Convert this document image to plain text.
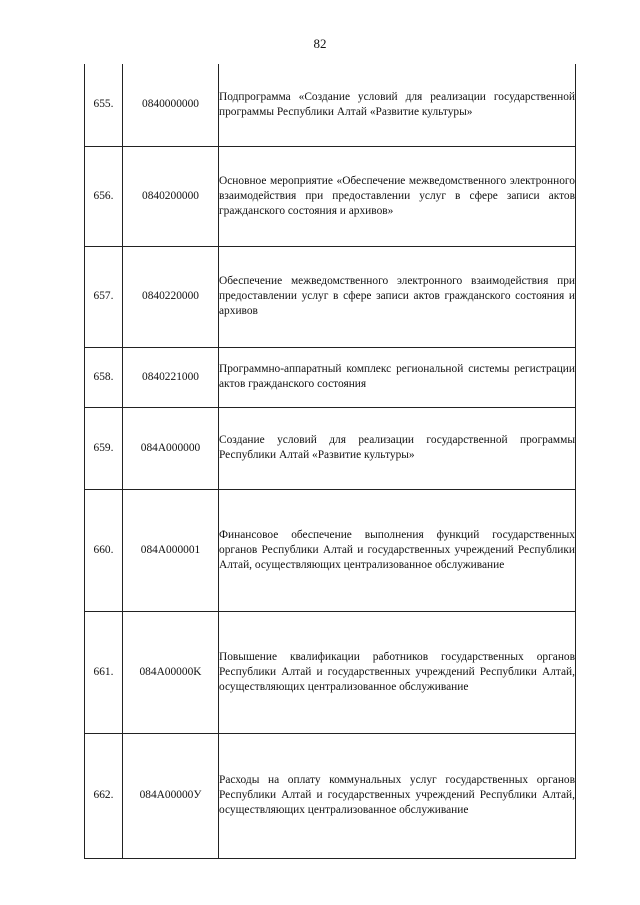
82
655.	0840000000	Подпрограмма «Создание условий для реализации государственной программы Республики Алтай «Развитие культуры»
656.	0840200000	Основное мероприятие «Обеспечение межведомственного электронного взаимодействия при предоставлении услуг в сфере записи актов гражданского состояния и архивов»
657.	0840220000	Обеспечение межведомственного электронного взаимодействия при предоставлении услуг в сфере записи актов гражданского состояния и архивов
658.	0840221000	Программно-аппаратный комплекс региональной системы регистрации актов гражданского состояния
659.	084A000000	Создание условий для реализации государственной программы Республики Алтай «Развитие культуры»
660.	084A000001	Финансовое обеспечение выполнения функций государственных органов Республики Алтай и государственных учреждений Республики Алтай, осуществляющих централизованное обслуживание
661.	084A00000K	Повышение квалификации работников государственных органов Республики Алтай и государственных учреждений Республики Алтай, осуществляющих централизованное обслуживание
662.	084A00000У	Расходы на оплату коммунальных услуг государственных органов Республики Алтай и государственных учреждений Республики Алтай, осуществляющих централизованное обслуживание
